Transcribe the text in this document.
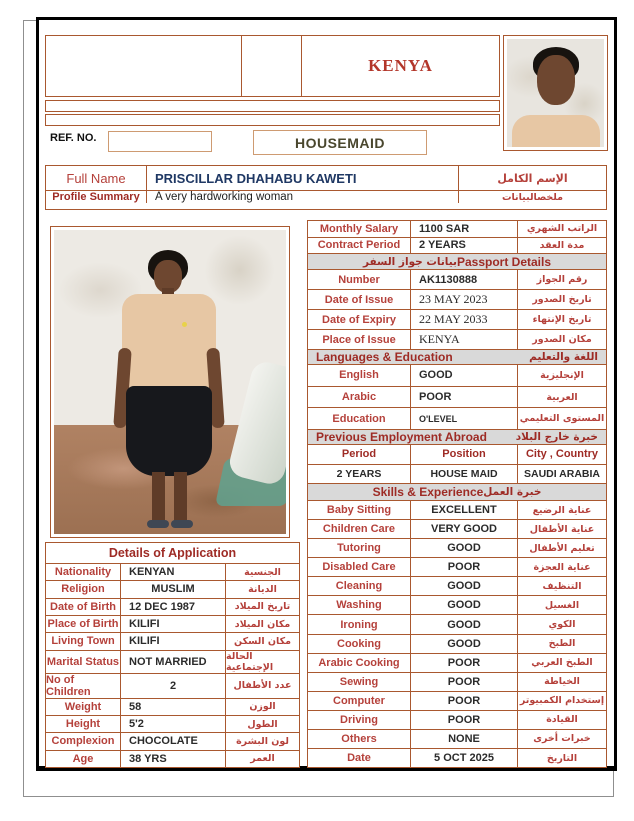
KENYA
REF. NO.	HOUSEMAID
Full Name PRISCILLAR DHAHABU KAWETI	الإسم الكامل
Profile Summary A very hardworking woman	ملخصالبيانات
Details of Application
Nationality	KENYAN	الجنسية
Religion	MUSLIM	الديانة
Date of Birth	12 DEC 1987	تاريخ الميلاد
Place of Birth KILIFI	مكان الميلاد
Living Town	KILIFI	مكان السكن
Marital Status NOT MARRIED	الحالة الإجتماعية
No of Children	2	عدد الأطفال
Weight	58	الوزن
Height	5'2	الطول
Complexion	CHOCOLATE	لون البشرة
Age	38 YRS	العمر
Monthly Salary	1100 SAR	الراتب الشهري
Contract Period	2 YEARS	مدة العقد
بيانات جواز السفر Passport Details
Number	AK1130888	رقم الجواز
Date of Issue	23 MAY 2023	تاريخ الصدور
Date of Expiry	22 MAY 2033	تاريخ الإنتهاء
Place of Issue	KENYA	مكان الصدور
Languages & Education	اللغة والتعليم
English	GOOD	الإنجليزية
Arabic	POOR	العربية
Education	O'LEVEL	المستوى التعليمي
Previous Employment Abroad	خبرة خارج البلاد
Period	Position	City , Country
2 YEARS	HOUSE MAID	SAUDI ARABIA
Skills & Experience خبرة العمل
Baby Sitting	EXCELLENT	عناية الرضيع
Children Care	VERY GOOD	عناية الأطفال
Tutoring	GOOD	تعليم الأطفال
Disabled Care	POOR	عناية العجزة
Cleaning	GOOD	التنظيف
Washing	GOOD	الغسيل
Ironing	GOOD	الكوي
Cooking	GOOD	الطبخ
Arabic Cooking	POOR	الطبخ العربي
Sewing	POOR	الخياطة
Computer	POOR	إستخدام الكمبيوتر
Driving	POOR	القيادة
Others	NONE	خبرات أخرى
Date	5 OCT 2025	التاريخ
